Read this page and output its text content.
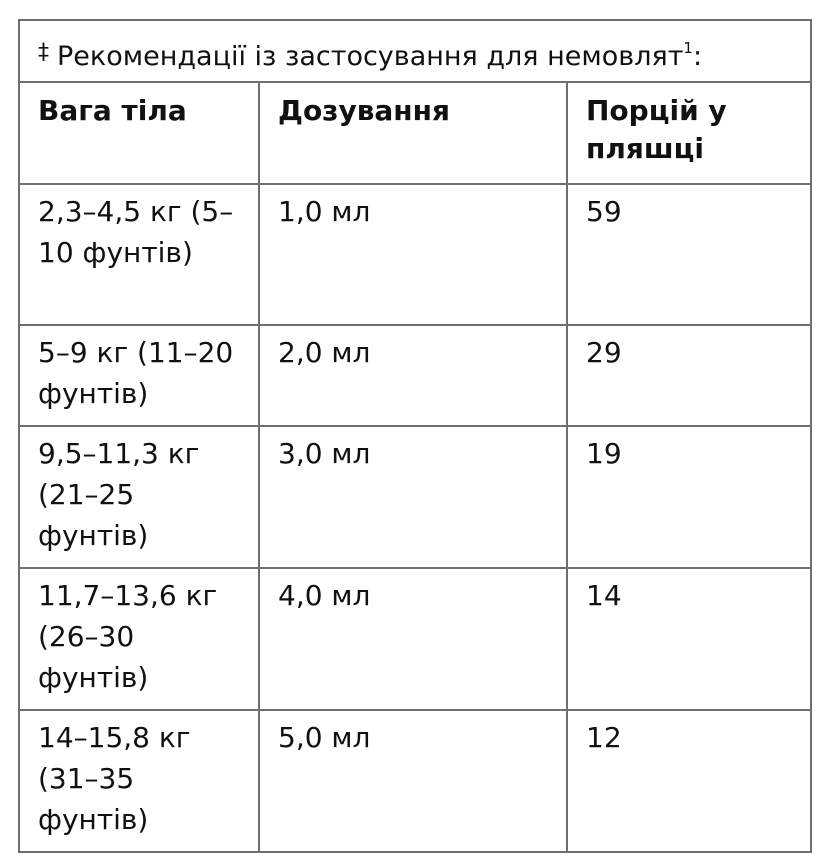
‡ Рекомендації із застосування для немовлят$^1$:		
Вага тіла	Дозування	Порцій у пляшці
2,3–4,5 кг (5–10 фунтів)	1,0 мл	59
5–9 кг (11–20 фунтів)	2,0 мл	29
9,5–11,3 кг (21–25 фунтів)	3,0 мл	19
11,7–13,6 кг (26–30 фунтів)	4,0 мл	14
14–15,8 кг (31–35 фунтів)	5,0 мл	12
